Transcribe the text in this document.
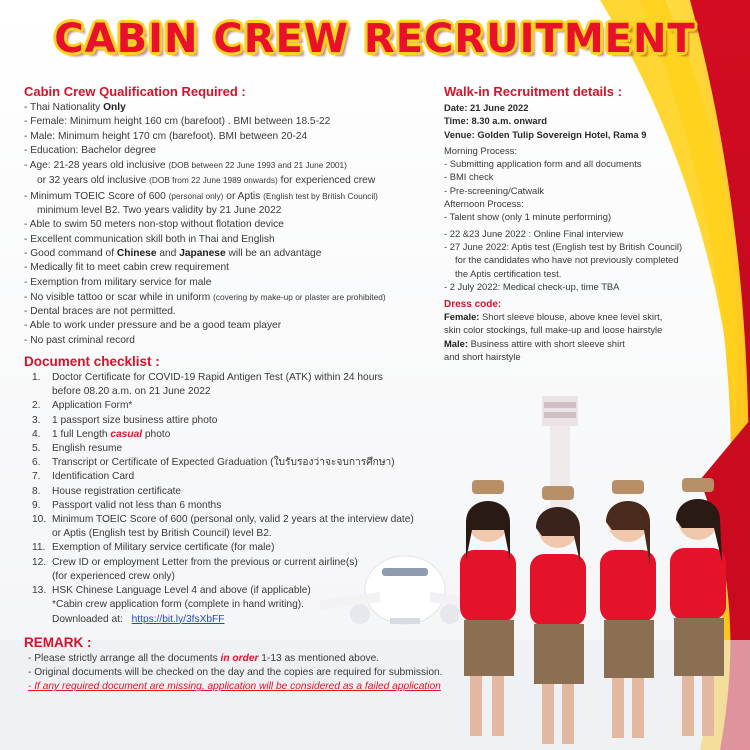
CABIN CREW RECRUITMENT
Cabin Crew Qualification Required :
- Thai Nationality Only
- Female: Minimum height 160 cm (barefoot) . BMI between 18.5-22
- Male: Minimum height 170 cm (barefoot). BMI between 20-24
- Education: Bachelor degree
- Age: 21-28 years old inclusive (DOB between 22 June 1993 and 21 June 2001)
or 32 years old inclusive (DOB from 22 June 1989 onwards) for experienced crew
- Minimum TOEIC Score of 600 (personal only) or Aptis (English test by British Council)
minimum level B2. Two years validity by 21 June 2022
- Able to swim 50 meters non-stop without flotation device
- Excellent communication skill both in Thai and English
- Good command of Chinese and Japanese will be an advantage
- Medically fit to meet cabin crew requirement
- Exemption from military service for male
- No visible tattoo or scar while in uniform (covering by make-up or plaster are prohibited)
- Dental braces are not permitted.
- Able to work under pressure and be a good team player
- No past criminal record
Document checklist :
1.	Doctor Certificate for COVID-19 Rapid Antigen Test (ATK) within 24 hours
before 08.20 a.m. on 21 June 2022
2.	Application Form*
3.	1 passport size business attire photo
4.	1 full Length casual photo
5.	English resume
6.	Transcript or Certificate of Expected Graduation (ใบรับรองว่าจะจบการศึกษา)
7.	Identification Card
8.	House registration certificate
9.	Passport valid not less than 6 months
10. Minimum TOEIC Score of 600 (personal only, valid 2 years at the interview date)
or Aptis (English test by British Council) level B2.
11. Exemption of Military service certificate (for male)
12. Crew ID or employment Letter from the previous or current airline(s)
(for experienced crew only)
13. HSK Chinese Language Level 4 and above (if applicable)
*Cabin crew application form (complete in hand writing).
Downloaded at: https://bit.ly/3fsXbFF
REMARK :
- Please strictly arrange all the documents in order 1-13 as mentioned above.
- Original documents will be checked on the day and the copies are required for submission.
- If any required document are missing, application will be considered as a failed application
Walk-in Recruitment details :
Date: 21 June 2022
Time: 8.30 a.m. onward
Venue: Golden Tulip Sovereign Hotel, Rama 9
Morning Process:
- Submitting application form and all documents
- BMI check
- Pre-screening/Catwalk
Afternoon Process:
- Talent show (only 1 minute performing)
- 22 &23 June 2022 : Online Final interview
- 27 June 2022: Aptis test (English test by British Council)
for the candidates who have not previously completed
the Aptis certification test.
- 2 July 2022: Medical check-up, time TBA
Dress code:
Female: Short sleeve blouse, above knee level skirt,
skin color stockings, full make-up and loose hairstyle
Male: Business attire with short sleeve shirt
and short hairstyle
